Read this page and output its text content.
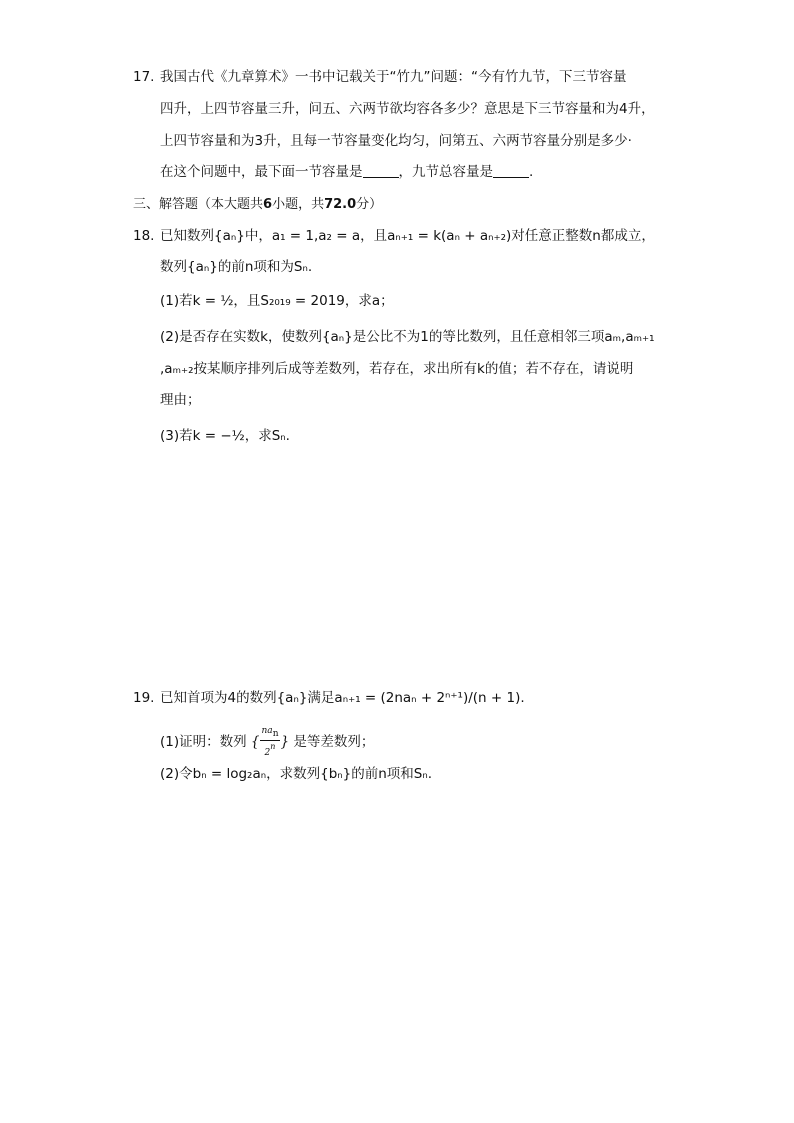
17. 我国古代《九章算术》一书中记载关于“竹九”问题：“今有竹九节，下三节容量
四升，上四节容量三升，问五、六两节欲均容各多少？意思是下三节容量和为4升，
上四节容量和为3升，且每一节容量变化均匀，问第五、六两节容量分别是多少·
在这个问题中，最下面一节容量是	，九节总容量是	.
三、解答题（本大题共6小题，共72.0分）
18. 已知数列{aₙ}中，a₁ = 1,a₂ = a，且aₙ₊₁ = k(aₙ + aₙ₊₂)对任意正整数n都成立，
数列{aₙ}的前n项和为Sₙ.
(1)若k = ½，且S₂₀₁₉ = 2019，求a；
(2)是否存在实数k，使数列{aₙ}是公比不为1的等比数列，且任意相邻三项aₘ,aₘ₊₁
,aₘ₊₂按某顺序排列后成等差数列，若存在，求出所有k的值；若不存在，请说明
理由；
(3)若k = −½，求Sₙ.
19. 已知首项为4的数列{aₙ}满足aₙ₊₁ = (2naₙ + 2ⁿ⁺¹)/(n + 1).
(1)证明：数列 { $\frac{\text{nan}}{2n}$ } 是等差数列；
(2)令bₙ = log₂aₙ，求数列{bₙ}的前n项和Sₙ.
